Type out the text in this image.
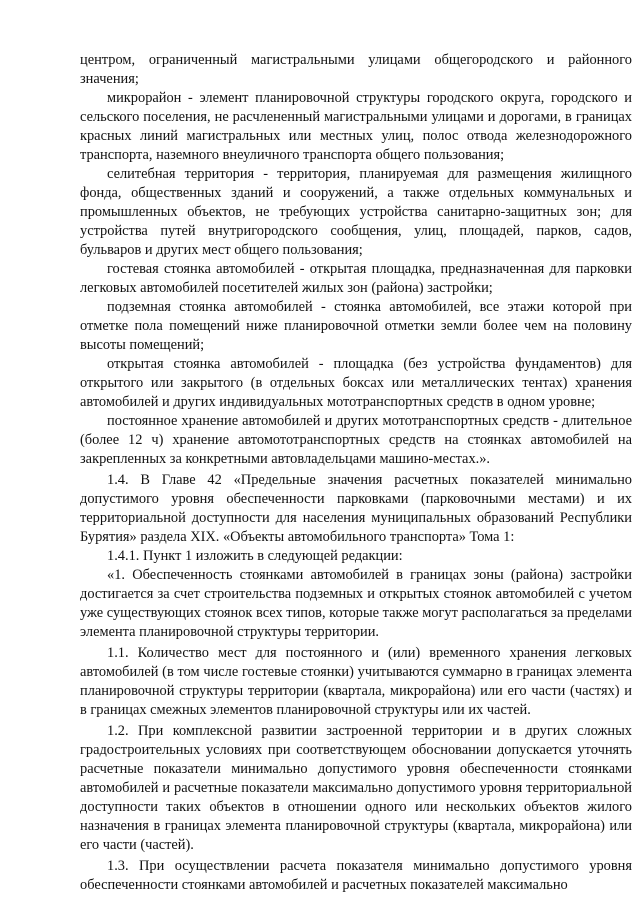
центром, ограниченный магистральными улицами общегородского и районного значения;

микрорайон - элемент планировочной структуры городского округа, городского и сельского поселения, не расчлененный магистральными улицами и дорогами, в границах красных линий магистральных или местных улиц, полос отвода железнодорожного транспорта, наземного внеуличного транспорта общего пользования;

селитебная территория - территория, планируемая для размещения жилищного фонда, общественных зданий и сооружений, а также отдельных коммунальных и промышленных объектов, не требующих устройства санитарно-защитных зон; для устройства путей внутригородского сообщения, улиц, площадей, парков, садов, бульваров и других мест общего пользования;

гостевая стоянка автомобилей - открытая площадка, предназначенная для парковки легковых автомобилей посетителей жилых зон (района) застройки;

подземная стоянка автомобилей - стоянка автомобилей, все этажи которой при отметке пола помещений ниже планировочной отметки земли более чем на половину высоты помещений;

открытая стоянка автомобилей - площадка (без устройства фундаментов) для открытого или закрытого (в отдельных боксах или металлических тентах) хранения автомобилей и других индивидуальных мототранспортных средств в одном уровне;

постоянное хранение автомобилей и других мототранспортных средств - длительное (более 12 ч) хранение автомототранспортных средств на стоянках автомобилей на закрепленных за конкретными автовладельцами машино-местах.».

1.4. В Главе 42 «Предельные значения расчетных показателей минимально допустимого уровня обеспеченности парковками (парковочными местами) и их территориальной доступности для населения муниципальных образований Республики Бурятия» раздела XIX. «Объекты автомобильного транспорта» Тома 1:

1.4.1. Пункт 1 изложить в следующей редакции:

«1. Обеспеченность стоянками автомобилей в границах зоны (района) застройки достигается за счет строительства подземных и открытых стоянок автомобилей с учетом уже существующих стоянок всех типов, которые также могут располагаться за пределами элемента планировочной структуры территории.

1.1. Количество мест для постоянного и (или) временного хранения легковых автомобилей (в том числе гостевые стоянки) учитываются суммарно в границах элемента планировочной структуры территории (квартала, микрорайона) или его части (частях) и в границах смежных элементов планировочной структуры или их частей.

1.2. При комплексной развитии застроенной территории и в других сложных градостроительных условиях при соответствующем обосновании допускается уточнять расчетные показатели минимально допустимого уровня обеспеченности стоянками автомобилей и расчетные показатели максимально допустимого уровня территориальной доступности таких объектов в отношении одного или нескольких объектов жилого назначения в границах элемента планировочной структуры (квартала, микрорайона) или его части (частей).

1.3. При осуществлении расчета показателя минимально допустимого уровня обеспеченности стоянками автомобилей и расчетных показателей максимально
